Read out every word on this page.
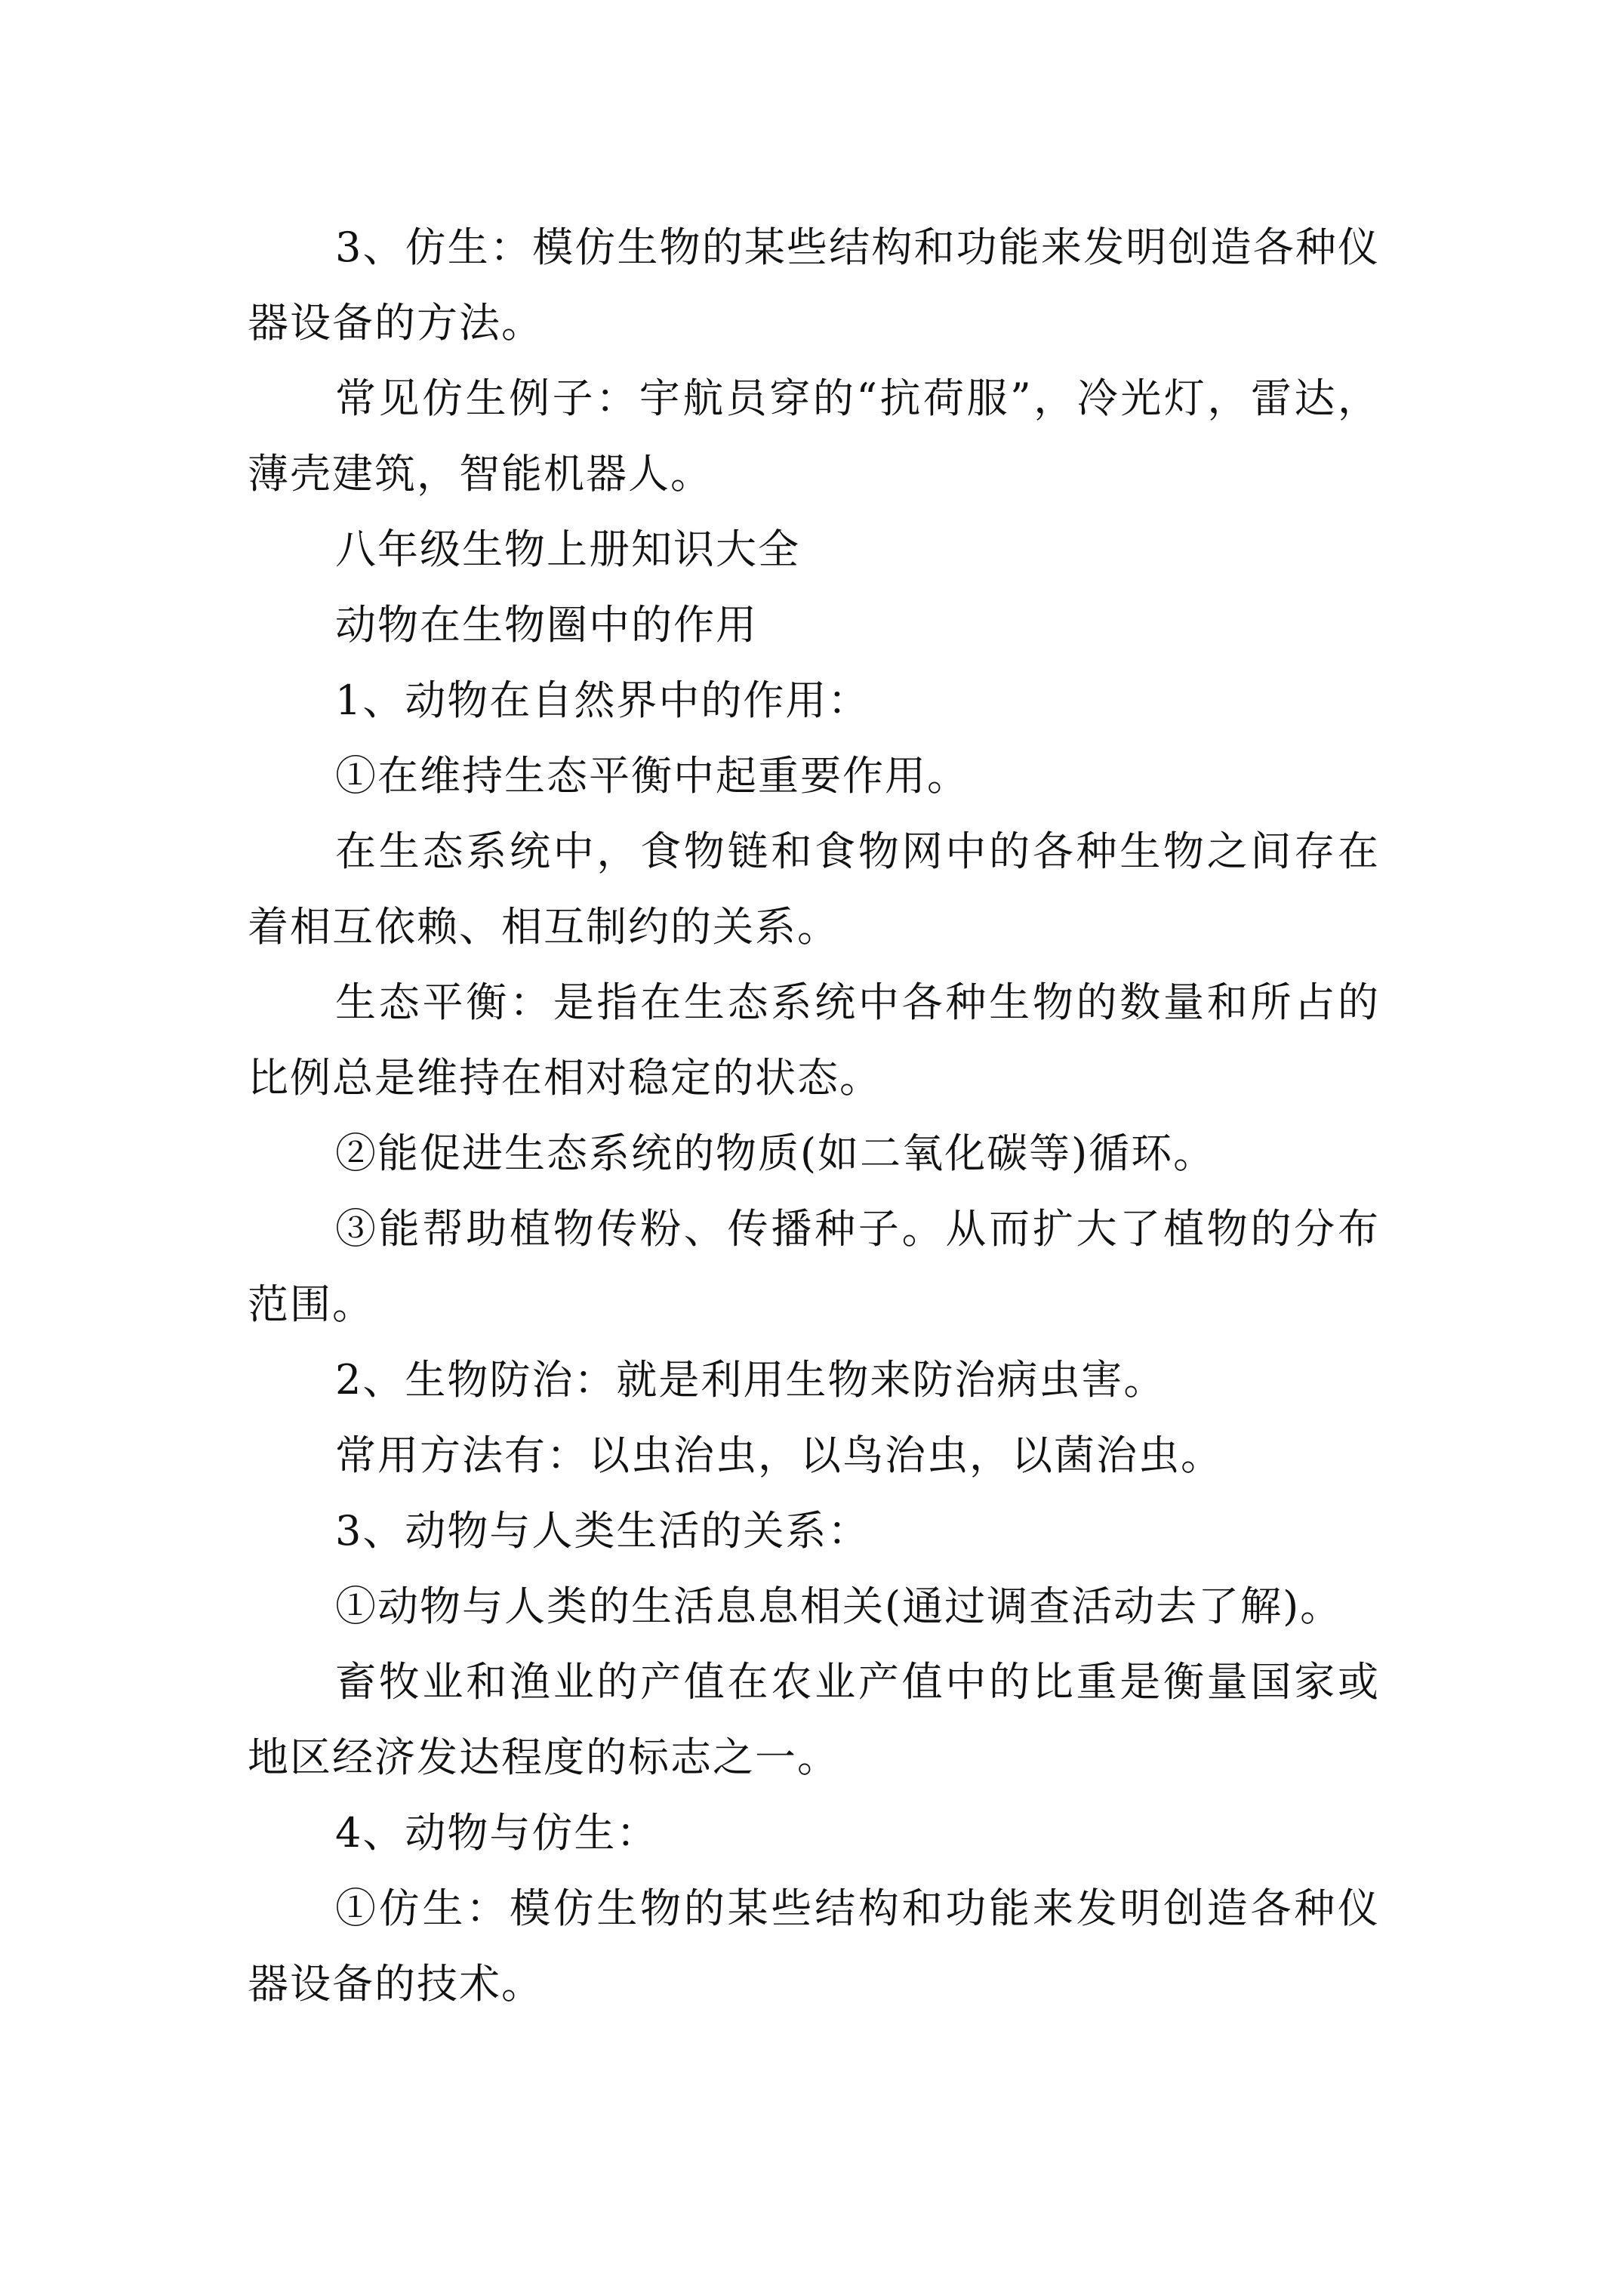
3、仿生：模仿生物的某些结构和功能来发明创造各种仪器设备的方法。

常见仿生例子：宇航员穿的“抗荷服”，冷光灯，雷达，薄壳建筑，智能机器人。

八年级生物上册知识大全

动物在生物圈中的作用

1、动物在自然界中的作用：

①在维持生态平衡中起重要作用。

在生态系统中，食物链和食物网中的各种生物之间存在着相互依赖、相互制约的关系。

生态平衡：是指在生态系统中各种生物的数量和所占的比例总是维持在相对稳定的状态。

②能促进生态系统的物质(如二氧化碳等)循环。

③能帮助植物传粉、传播种子。从而扩大了植物的分布范围。

2、生物防治：就是利用生物来防治病虫害。

常用方法有：以虫治虫，以鸟治虫，以菌治虫。

3、动物与人类生活的关系：

①动物与人类的生活息息相关(通过调查活动去了解)。

畜牧业和渔业的产值在农业产值中的比重是衡量国家或地区经济发达程度的标志之一。

4、动物与仿生：

①仿生：模仿生物的某些结构和功能来发明创造各种仪器设备的技术。
